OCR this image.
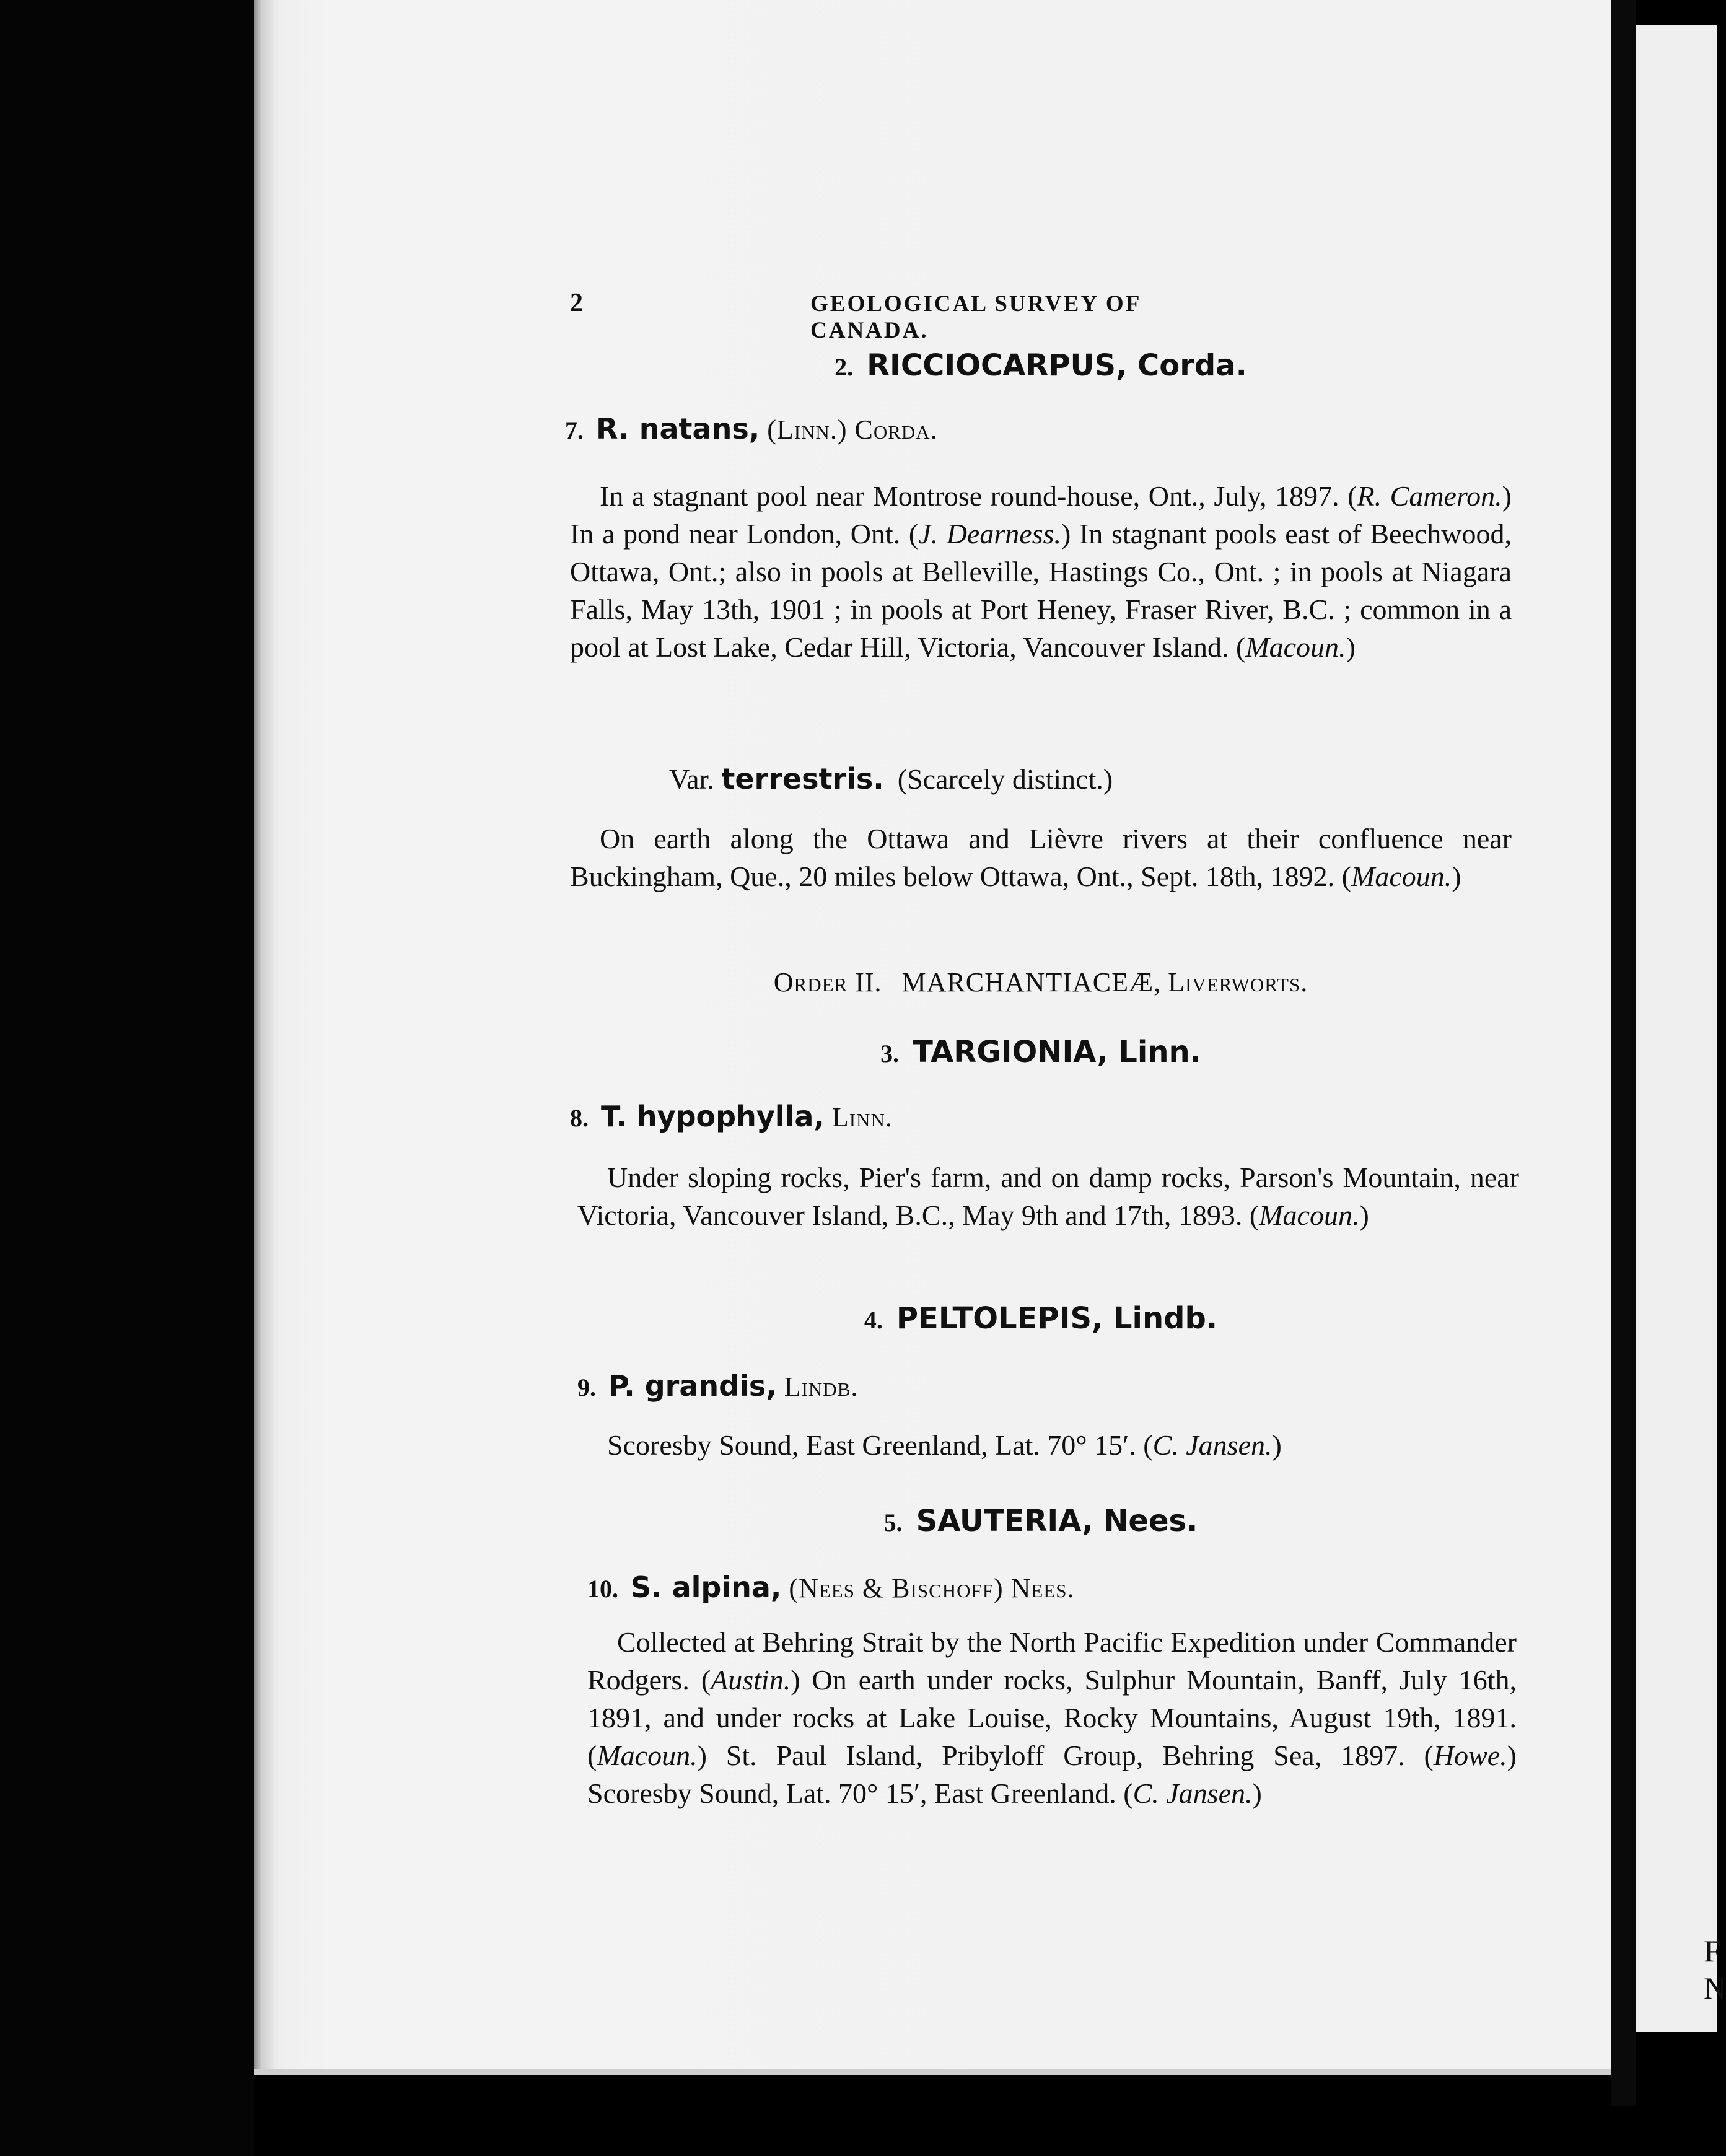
F
N
2	GEOLOGICAL SURVEY OF CANADA.
2. RICCIOCARPUS, Corda.
7. R. natans, (Linn.) Corda.
In a stagnant pool near Montrose round-house, Ont., July, 1897. (R. Cameron.) In a pond near London, Ont. (J. Dearness.) In stagnant pools east of Beechwood, Ottawa, Ont.; also in pools at Belleville, Hastings Co., Ont. ; in pools at Niagara Falls, May 13th, 1901 ; in pools at Port Heney, Fraser River, B.C. ; common in a pool at Lost Lake, Cedar Hill, Victoria, Vancouver Island. (Macoun.)
Var. terrestris. (Scarcely distinct.)
On earth along the Ottawa and Lièvre rivers at their confluence near Buckingham, Que., 20 miles below Ottawa, Ont., Sept. 18th, 1892. (Macoun.)
Order II. MARCHANTIACEÆ, Liverworts.
3. TARGIONIA, Linn.
8. T. hypophylla, Linn.
Under sloping rocks, Pier's farm, and on damp rocks, Parson's Mountain, near Victoria, Vancouver Island, B.C., May 9th and 17th, 1893. (Macoun.)
4. PELTOLEPIS, Lindb.
9. P. grandis, Lindb.
Scoresby Sound, East Greenland, Lat. 70° 15′. (C. Jansen.)
5. SAUTERIA, Nees.
10. S. alpina, (Nees & Bischoff) Nees.
Collected at Behring Strait by the North Pacific Expedition under Commander Rodgers. (Austin.) On earth under rocks, Sulphur Mountain, Banff, July 16th, 1891, and under rocks at Lake Louise, Rocky Mountains, August 19th, 1891. (Macoun.) St. Paul Island, Pribyloff Group, Behring Sea, 1897. (Howe.) Scoresby Sound, Lat. 70° 15′, East Greenland. (C. Jansen.)
